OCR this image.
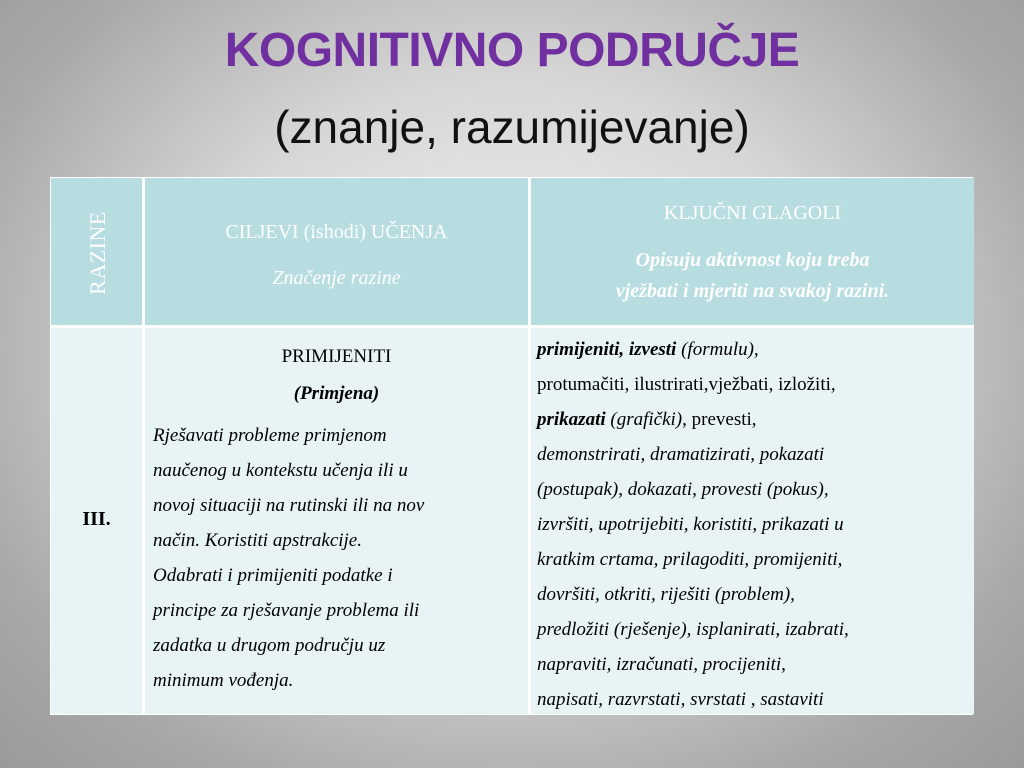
KOGNITIVNO PODRUČJE
(znanje, razumijevanje)
RAZINE	CILJEVI (ishodi) UČENJA
Značenje razine
KLJUČNI GLAGOLI
Opisuju aktivnost koju treba
vježbati i mjeriti na svakoj razini.
III.
PRIMIJENITI
(Primjena)
Rješavati probleme primjenom
naučenog u kontekstu učenja ili u
novoj situaciji na rutinski ili na nov
način. Koristiti apstrakcije.
Odabrati i primijeniti podatke i
principe za rješavanje problema ili
zadatka u drugom području uz
minimum vođenja.
primijeniti, izvesti (formulu),
protumačiti, ilustrirati,vježbati, izložiti,
prikazati (grafički), prevesti,
demonstrirati, dramatizirati, pokazati
(postupak), dokazati, provesti (pokus),
izvršiti, upotrijebiti, koristiti, prikazati u
kratkim crtama, prilagoditi, promijeniti,
dovršiti, otkriti, riješiti (problem),
predložiti (rješenje), isplanirati, izabrati,
napraviti, izračunati, procijeniti,
napisati, razvrstati, svrstati , sastaviti
